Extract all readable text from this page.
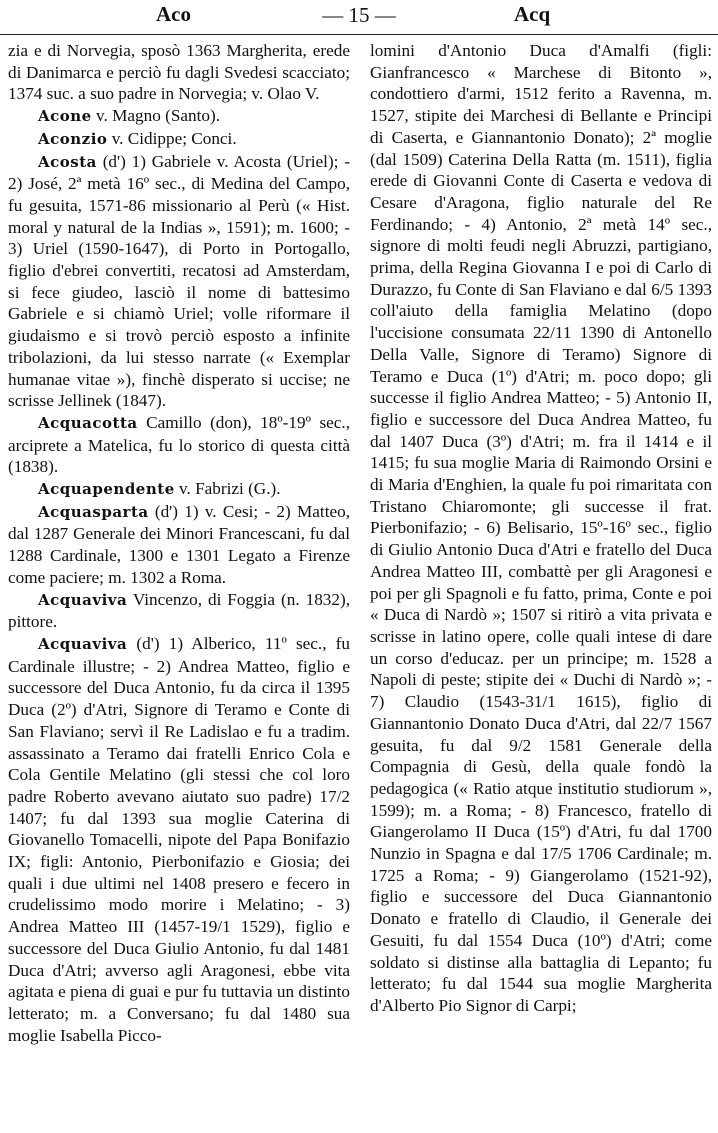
Aco	— 15 —	Acq

zia e di Norvegia, sposò 1363 Margherita, erede di Danimarca e perciò fu dagli Svedesi scacciato; 1374 suc. a suo padre in Norvegia; v. Olao V.

Acone v. Magno (Santo).

Aconzio v. Cidippe; Conci.

Acosta (d') 1) Gabriele v. Acosta (Uriel); - 2) José, 2ª metà 16º sec., di Medina del Campo, fu gesuita, 1571-86 missionario al Perù (« Hist. moral y natural de la Indias », 1591); m. 1600; - 3) Uriel (1590-1647), di Porto in Portogallo, figlio d'ebrei convertiti, recatosi ad Amsterdam, si fece giudeo, lasciò il nome di battesimo Gabriele e si chiamò Uriel; volle riformare il giudaismo e si trovò perciò esposto a infinite tribolazioni, da lui stesso narrate (« Exemplar humanae vitae »), finchè disperato si uccise; ne scrisse Jellinek (1847).

Acquacotta Camillo (don), 18º-19º sec., arciprete a Matelica, fu lo storico di questa città (1838).

Acquapendente v. Fabrizi (G.).

Acquasparta (d') 1) v. Cesi; - 2) Matteo, dal 1287 Generale dei Minori Francescani, fu dal 1288 Cardinale, 1300 e 1301 Legato a Firenze come paciere; m. 1302 a Roma.

Acquaviva Vincenzo, di Foggia (n. 1832), pittore.

Acquaviva (d') 1) Alberico, 11º sec., fu Cardinale illustre; - 2) Andrea Matteo, figlio e successore del Duca Antonio, fu da circa il 1395 Duca (2º) d'Atri, Signore di Teramo e Conte di San Flaviano; servì il Re Ladislao e fu a tradim. assassinato a Teramo dai fratelli Enrico Cola e Cola Gentile Melatino (gli stessi che col loro padre Roberto avevano aiutato suo padre) 17/2 1407; fu dal 1393 sua moglie Caterina di Giovanello Tomacelli, nipote del Papa Bonifazio IX; figli: Antonio, Pierbonifazio e Giosia; dei quali i due ultimi nel 1408 presero e fecero in crudelissimo modo morire i Melatino; - 3) Andrea Matteo III (1457-19/1 1529), figlio e successore del Duca Giulio Antonio, fu dal 1481 Duca d'Atri; avverso agli Aragonesi, ebbe vita agitata e piena di guai e pur fu tuttavia un distinto letterato; m. a Conversano; fu dal 1480 sua moglie Isabella Picco-

lomini d'Antonio Duca d'Amalfi (figli: Gianfrancesco « Marchese di Bitonto », condottiero d'armi, 1512 ferito a Ravenna, m. 1527, stipite dei Marchesi di Bellante e Principi di Caserta, e Giannantonio Donato); 2ª moglie (dal 1509) Caterina Della Ratta (m. 1511), figlia erede di Giovanni Conte di Caserta e vedova di Cesare d'Aragona, figlio naturale del Re Ferdinando; - 4) Antonio, 2ª metà 14º sec., signore di molti feudi negli Abruzzi, partigiano, prima, della Regina Giovanna I e poi di Carlo di Durazzo, fu Conte di San Flaviano e dal 6/5 1393 coll'aiuto della famiglia Melatino (dopo l'uccisione consumata 22/11 1390 di Antonello Della Valle, Signore di Teramo) Signore di Teramo e Duca (1º) d'Atri; m. poco dopo; gli successe il figlio Andrea Matteo; - 5) Antonio II, figlio e successore del Duca Andrea Matteo, fu dal 1407 Duca (3º) d'Atri; m. fra il 1414 e il 1415; fu sua moglie Maria di Raimondo Orsini e di Maria d'Enghien, la quale fu poi rimaritata con Tristano Chiaromonte; gli successe il frat. Pierbonifazio; - 6) Belisario, 15º-16º sec., figlio di Giulio Antonio Duca d'Atri e fratello del Duca Andrea Matteo III, combattè per gli Aragonesi e poi per gli Spagnoli e fu fatto, prima, Conte e poi « Duca di Nardò »; 1507 si ritirò a vita privata e scrisse in latino opere, colle quali intese di dare un corso d'educaz. per un principe; m. 1528 a Napoli di peste; stipite dei « Duchi di Nardò »; - 7) Claudio (1543-31/1 1615), figlio di Giannantonio Donato Duca d'Atri, dal 22/7 1567 gesuita, fu dal 9/2 1581 Generale della Compagnia di Gesù, della quale fondò la pedagogica (« Ratio atque institutio studiorum », 1599); m. a Roma; - 8) Francesco, fratello di Giangerolamo II Duca (15º) d'Atri, fu dal 1700 Nunzio in Spagna e dal 17/5 1706 Cardinale; m. 1725 a Roma; - 9) Giangerolamo (1521-92), figlio e successore del Duca Giannantonio Donato e fratello di Claudio, il Generale dei Gesuiti, fu dal 1554 Duca (10º) d'Atri; come soldato si distinse alla battaglia di Lepanto; fu letterato; fu dal 1544 sua moglie Margherita d'Alberto Pio Signor di Carpi;
